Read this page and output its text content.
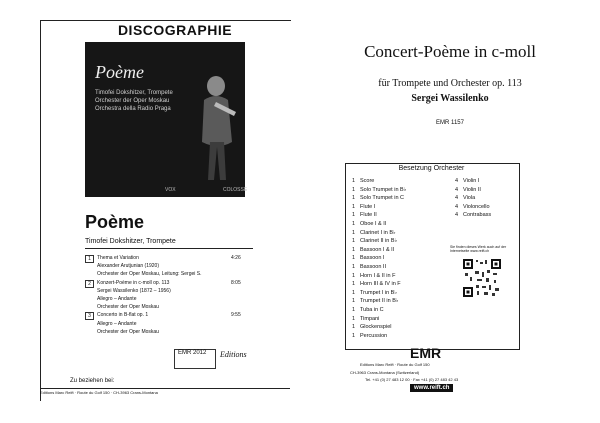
DISCOGRAPHIE
Poème
Timofei Dokshitzer, Trompete
Orchester der Oper Moskau
Orchestra della Radio Praga
VOX	COLOSSE
Poème
Timofei Dokshitzer, Trompete
1	Thema et Variation	4:26
Alexander Arutjunian (1920)
Orchester der Oper Moskau, Leitung: Sergei S.
2	Konzert-Poème in c-moll op. 113	8:05
Sergei Wassilenko (1872 – 1956)
Allegro – Andante
Orchester der Oper Moskau
3	Concerto in B-flat op. 1	9:55
Allegro – Andante
Orchester der Oper Moskau
EMR 2012 Editions
Zu beziehen bei:
Editions Marc Reift · Route du Golf 150 · CH-3963 Crans-Montana
Concert-Poème in c-moll
für Trompete und Orchester op. 113
Sergei Wassilenko
EMR 1157
Besetzung Orchester
1 Score
1 Solo Trumpet in B♭
1 Solo Trumpet in C
1 Flute I
1 Flute II
1 Oboe I & II
1 Clarinet I in B♭
1 Clarinet II in B♭
1 Bassoon I & II
1 Bassoon I
1 Bassoon II
1 Horn I & II in F
1 Horn III & IV in F
1 Trumpet I in B♭
1 Trumpet II in B♭
1 Tuba in C
1 Timpani
1 Glockenspiel
1 Percussion
4 Violin I
4 Violin II
4 Viola
4 Violoncello
4 Contrabass
Sie finden dieses Werk auch auf der Internetseite www.reift.ch
EMR
Editions Marc Reift · Route du Golf 150
CH-3963 Crans-Montana (Switzerland)
Tel. +41 (0) 27 483 12 00 · Fax +41 (0) 27 483 42 43
www.reift.ch
